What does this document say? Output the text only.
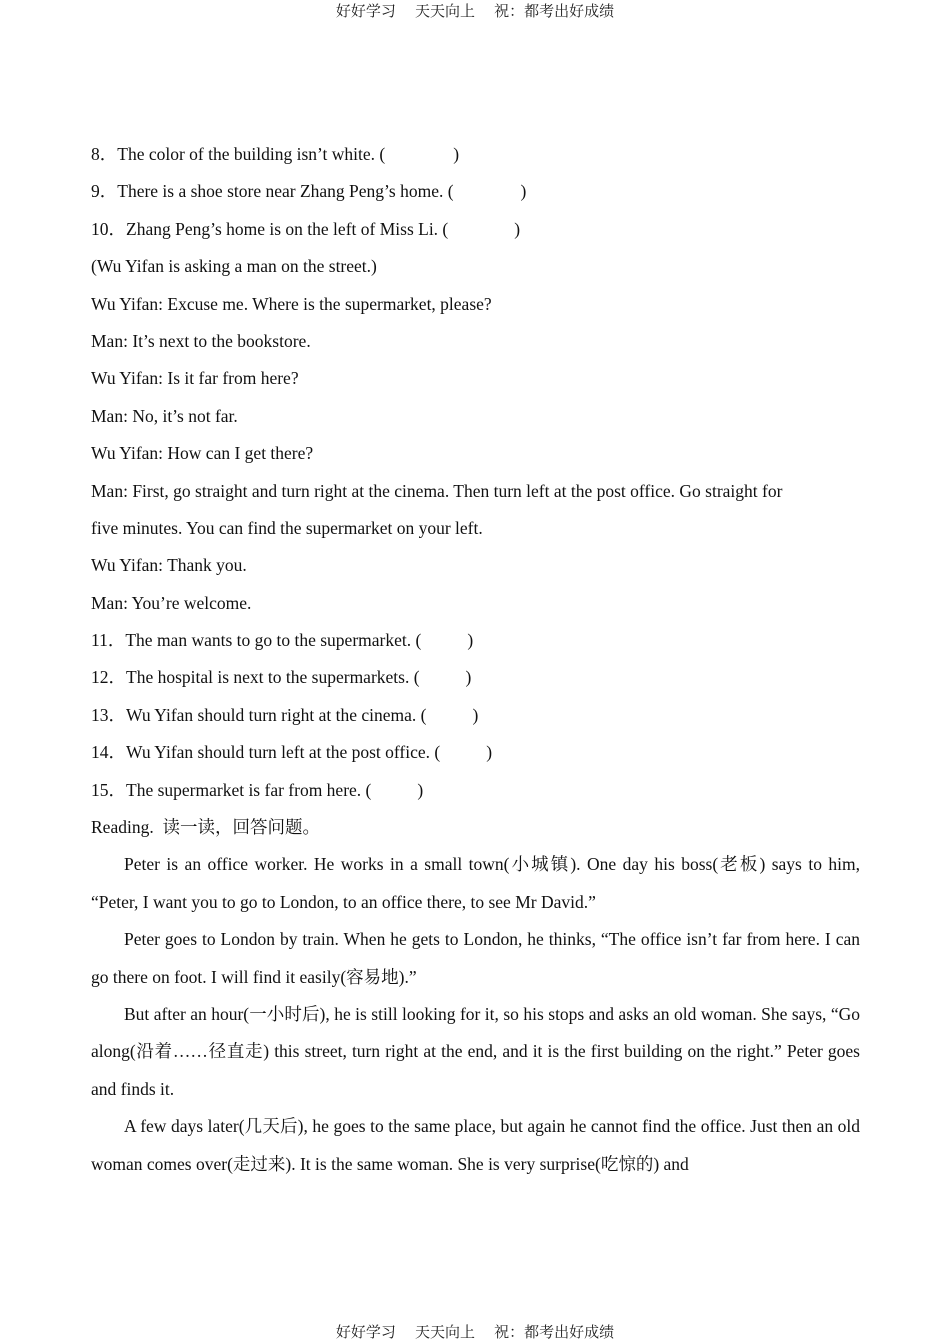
好好学习    天天向上    祝：都考出好成绩
8．The color of the building isn’t white. (	)
9．There is a shoe store near Zhang Peng’s home. (	)
10．Zhang Peng’s home is on the left of Miss Li. (	)
(Wu Yifan is asking a man on the street.)
Wu Yifan: Excuse me. Where is the supermarket, please?
Man: It’s next to the bookstore.
Wu Yifan: Is it far from here?
Man: No, it’s not far.
Wu Yifan: How can I get there?
Man: First, go straight and turn right at the cinema. Then turn left at the post office. Go straight for
five minutes. You can find the supermarket on your left.
Wu Yifan: Thank you.
Man: You’re welcome.
11．The man wants to go to the supermarket. (	)
12．The hospital is next to the supermarkets. (	)
13．Wu Yifan should turn right at the cinema. (	)
14．Wu Yifan should turn left at the post office. (	)
15．The supermarket is far from here. (	)
Reading.  读一读，回答问题。
Peter is an office worker. He works in a small town(小城镇). One day his boss(老板) says to him, “Peter, I want you to go to London, to an office there, to see Mr David.”
Peter goes to London by train. When he gets to London, he thinks, “The office isn’t far from here. I can go there on foot. I will find it easily(容易地).”
But after an hour(一小时后), he is still looking for it, so his stops and asks an old woman. She says, “Go along(沿着……径直走) this street, turn right at the end, and it is the first building on the right.” Peter goes and finds it.
A few days later(几天后), he goes to the same place, but again he cannot find the office. Just then an old woman comes over(走过来). It is the same woman. She is very surprise(吃惊的) and
好好学习    天天向上    祝：都考出好成绩
